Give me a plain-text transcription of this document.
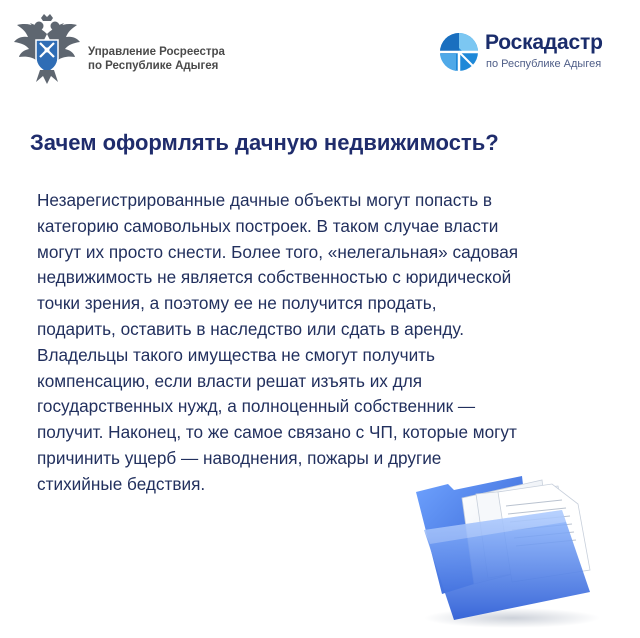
Управление Росреестра
по Республике Адыгея
Роскадастр
по Республике Адыгея
Зачем оформлять дачную недвижимость?
Незарегистрированные дачные объекты могут попасть в
категорию самовольных построек. В таком случае власти
могут их просто снести. Более того, «нелегальная» садовая
недвижимость не является собственностью с юридической
точки зрения, а поэтому ее не получится продать,
подарить, оставить в наследство или сдать в аренду.
Владельцы такого имущества не смогут получить
компенсацию, если власти решат изъять их для
государственных нужд, а полноценный собственник —
получит. Наконец, то же самое связано с ЧП, которые могут
причинить ущерб — наводнения, пожары и другие
стихийные бедствия.
